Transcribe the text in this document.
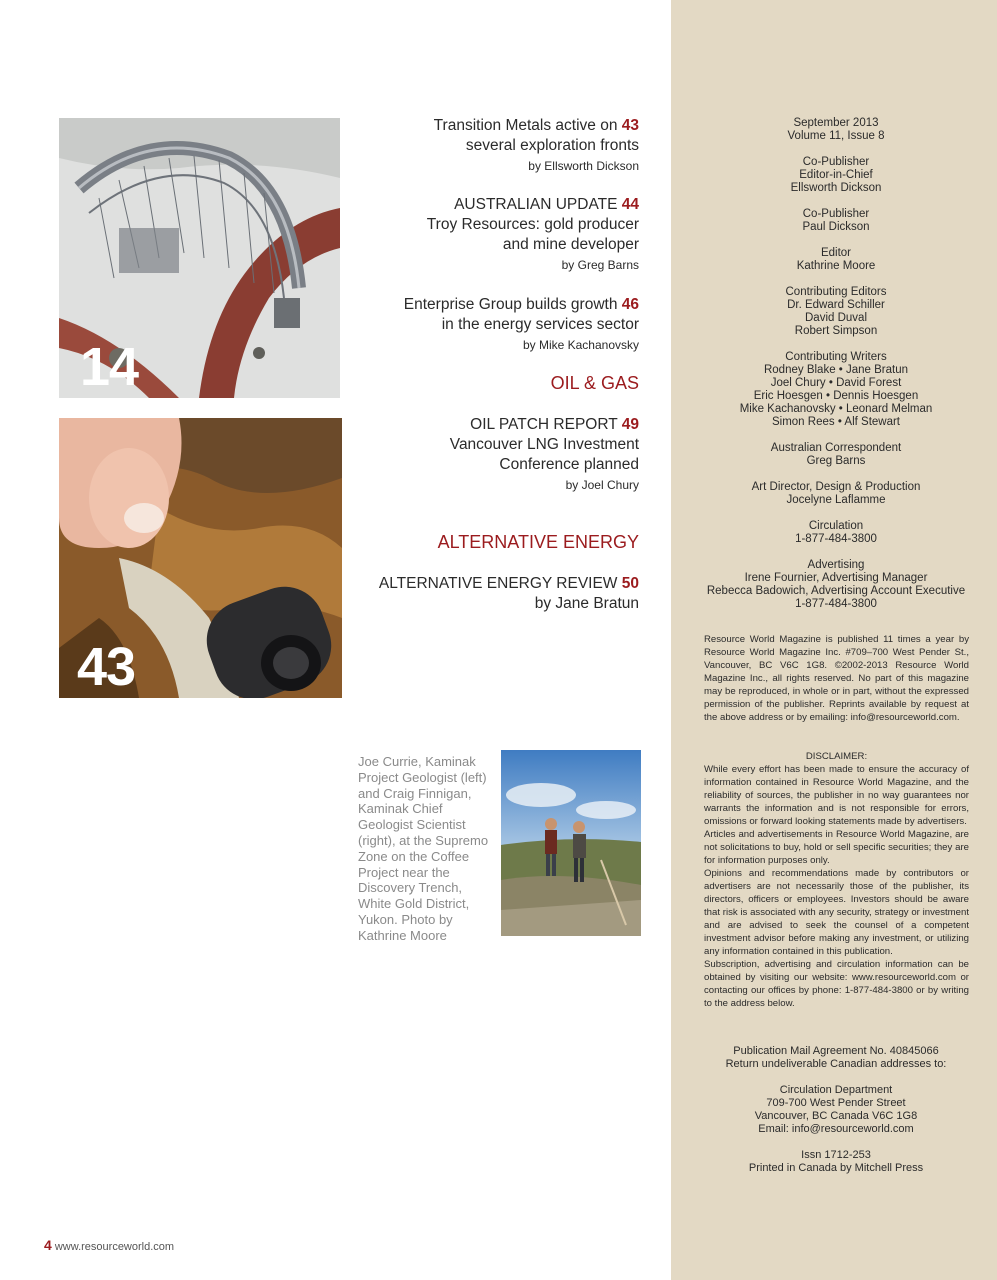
14
43
Transition Metals active on 43
several exploration fronts
by Ellsworth Dickson
AUSTRALIAN UPDATE 44
Troy Resources: gold producer
and mine developer
by Greg Barns
Enterprise Group builds growth 46
in the energy services sector
by Mike Kachanovsky
OIL & GAS
OIL PATCH REPORT 49
Vancouver LNG Investment
Conference planned
by Joel Chury
ALTERNATIVE ENERGY
ALTERNATIVE ENERGY REVIEW 50
by Jane Bratun
Joe Currie, Kaminak Project Geologist (left) and Craig Finnigan, Kaminak Chief Geologist Scientist (right), at the Supremo Zone on the Coffee Project near the Discovery Trench, White Gold District, Yukon. Photo by Kathrine Moore
September 2013
Volume 11, Issue 8
Co-Publisher
Editor-in-Chief
Ellsworth Dickson
Co-Publisher
Paul Dickson
Editor
Kathrine Moore
Contributing Editors
Dr. Edward Schiller
David Duval
Robert Simpson
Contributing Writers
Rodney Blake • Jane Bratun
Joel Chury • David Forest
Eric Hoesgen • Dennis Hoesgen
Mike Kachanovsky • Leonard Melman
Simon Rees • Alf Stewart
Australian Correspondent
Greg Barns
Art Director, Design & Production
Jocelyne Laflamme
Circulation
1-877-484-3800
Advertising
Irene Fournier, Advertising Manager
Rebecca Badowich, Advertising Account Executive
1-877-484-3800

Resource World Magazine is published 11 times a year by Resource World Magazine Inc. #709–700 West Pender St., Vancouver, BC V6C 1G8. ©2002-2013 Resource World Magazine Inc., all rights reserved. No part of this magazine may be reproduced, in whole or in part, without the expressed permission of the publisher. Reprints available by request at the above address or by emailing: info@resourceworld.com.

DISCLAIMER:

While every effort has been made to ensure the accuracy of information contained in Resource World Magazine, and the reliability of sources, the publisher in no way guarantees nor warrants the information and is not responsible for errors, omissions or forward looking statements made by advertisers.

Articles and advertisements in Resource World Magazine, are not solicitations to buy, hold or sell specific securities; they are for information purposes only.

Opinions and recommendations made by contributors or advertisers are not necessarily those of the publisher, its directors, officers or employees. Investors should be aware that risk is associated with any security, strategy or investment and are advised to seek the counsel of a competent investment advisor before making any investment, or utilizing any information contained in this publication.

Subscription, advertising and circulation information can be obtained by visiting our website: www.resourceworld.com or contacting our offices by phone: 1-877-484-3800 or by writing to the address below.

Publication Mail Agreement No. 40845066
Return undeliverable Canadian addresses to:
Circulation Department
709-700 West Pender Street
Vancouver, BC Canada V6C 1G8
Email: info@resourceworld.com
Issn 1712-253
Printed in Canada by Mitchell Press
4 www.resourceworld.com
